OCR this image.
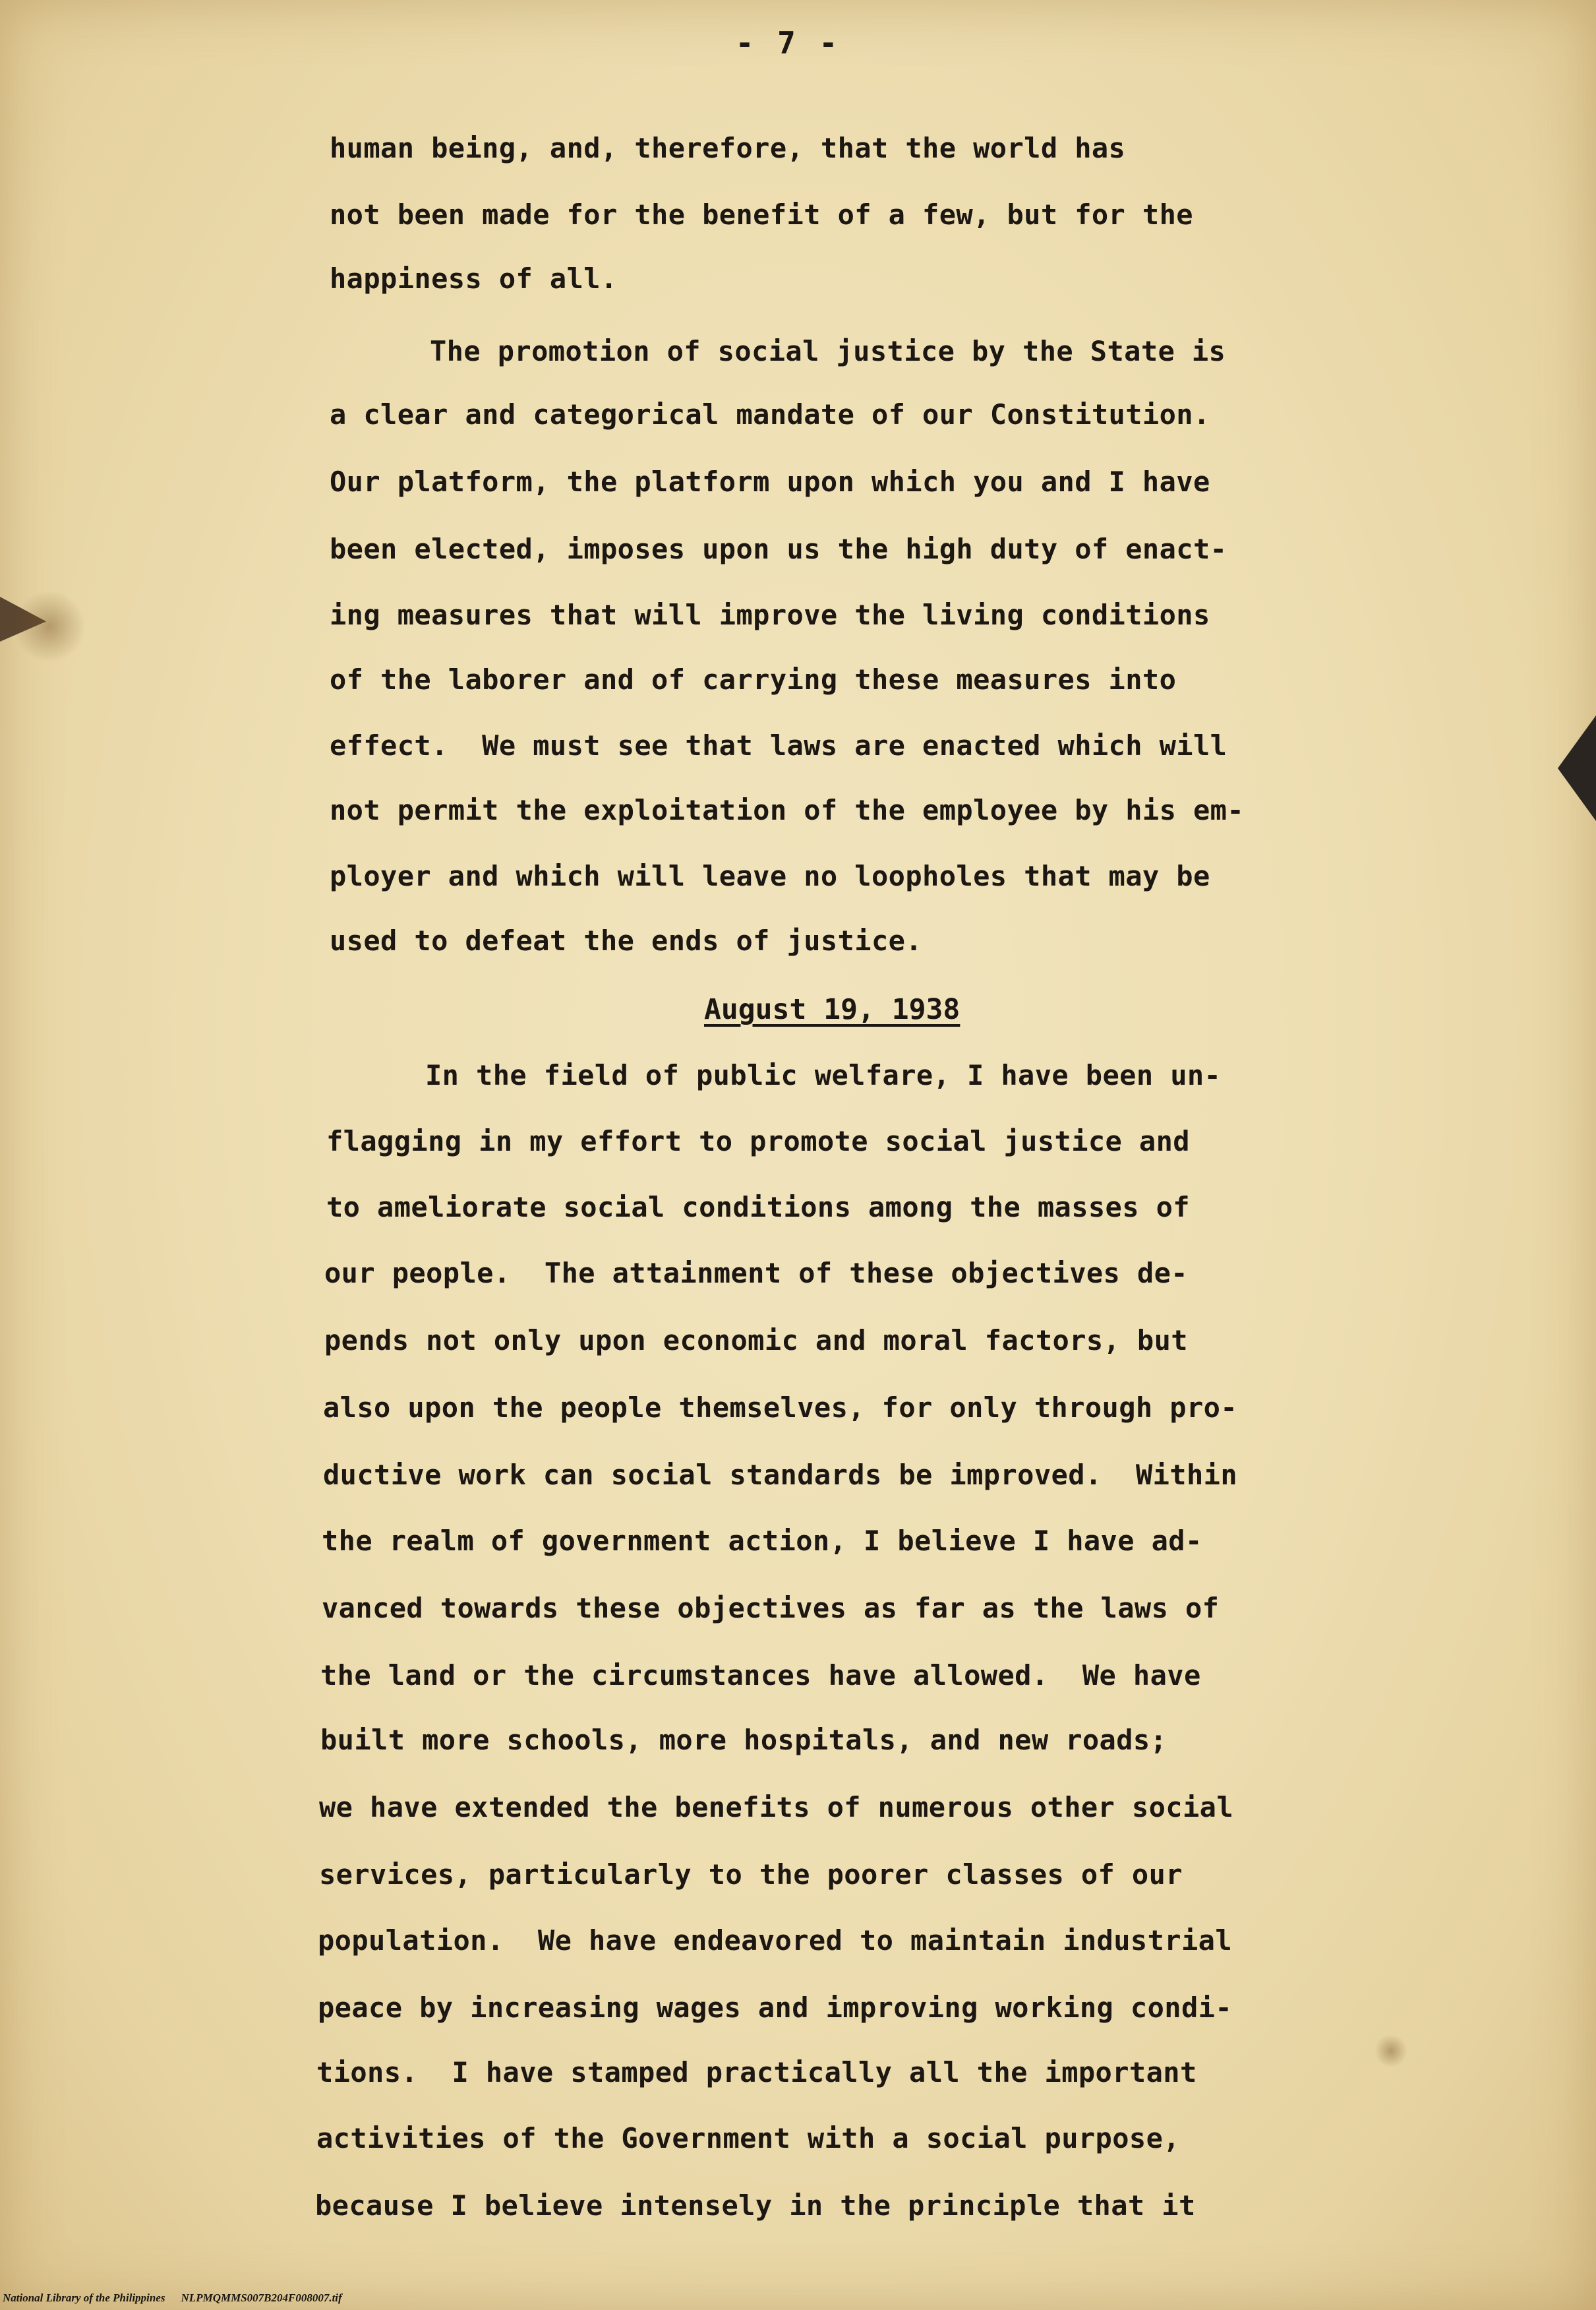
- 7 -
human being, and, therefore, that the world has
not been made for the benefit of a few, but for the
happiness of all.
The promotion of social justice by the State is
a clear and categorical mandate of our Constitution.
Our platform, the platform upon which you and I have
been elected, imposes upon us the high duty of enact-
ing measures that will improve the living conditions
of the laborer and of carrying these measures into
effect.  We must see that laws are enacted which will
not permit the exploitation of the employee by his em-
ployer and which will leave no loopholes that may be
used to defeat the ends of justice.
August 19, 1938
In the field of public welfare, I have been un-
flagging in my effort to promote social justice and
to ameliorate social conditions among the masses of
our people.  The attainment of these objectives de-
pends not only upon economic and moral factors, but
also upon the people themselves, for only through pro-
ductive work can social standards be improved.  Within
the realm of government action, I believe I have ad-
vanced towards these objectives as far as the laws of
the land or the circumstances have allowed.  We have
built more schools, more hospitals, and new roads;
we have extended the benefits of numerous other social
services, particularly to the poorer classes of our
population.  We have endeavored to maintain industrial
peace by increasing wages and improving working condi-
tions.  I have stamped practically all the important
activities of the Government with a social purpose,
because I believe intensely in the principle that it
National Library of the Philippines NLPMQMMS007B204F008007.tif
